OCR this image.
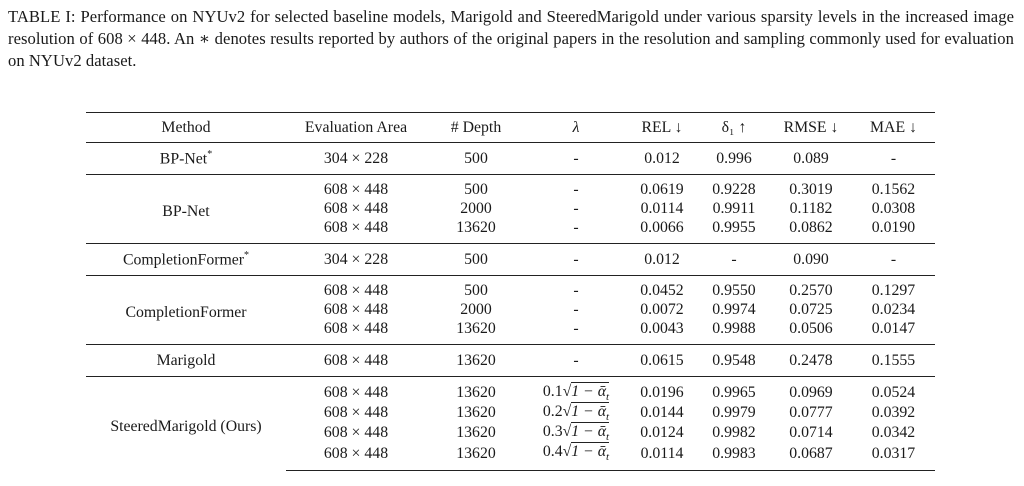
TABLE I: Performance on NYUv2 for selected baseline models, Marigold and SteeredMarigold under various sparsity levels in the increased image resolution of 608 × 448. An ∗ denotes results reported by authors of the original papers in the resolution and sampling commonly used for evaluation on NYUv2 dataset.

Method	Evaluation Area	# Depth	λ	REL ↓	δ₁ ↑	RMSE ↓	MAE ↓
BP-Net*	304 × 228	500	-	0.012	0.996	0.089	-
BP-Net	608 × 448	500	-	0.0619	0.9228	0.3019	0.1562
	608 × 448	2000	-	0.0114	0.9911	0.1182	0.0308
	608 × 448	13620	-	0.0066	0.9955	0.0862	0.0190
CompletionFormer*	304 × 228	500	-	0.012	-	0.090	-
CompletionFormer	608 × 448	500	-	0.0452	0.9550	0.2570	0.1297
	608 × 448	2000	-	0.0072	0.9974	0.0725	0.0234
	608 × 448	13620	-	0.0043	0.9988	0.0506	0.0147
Marigold	608 × 448	13620	-	0.0615	0.9548	0.2478	0.1555
SteeredMarigold (Ours)	608 × 448	13620	0.1√1 − ᾱ$_t$	0.0196	0.9965	0.0969	0.0524
	608 × 448	13620	0.2√1 − ᾱ$_t$	0.0144	0.9979	0.0777	0.0392
	608 × 448	13620	0.3√1 − ᾱ$_t$	0.0124	0.9982	0.0714	0.0342
	608 × 448	13620	0.4√1 − ᾱ$_t$	0.0114	0.9983	0.0687	0.0317
